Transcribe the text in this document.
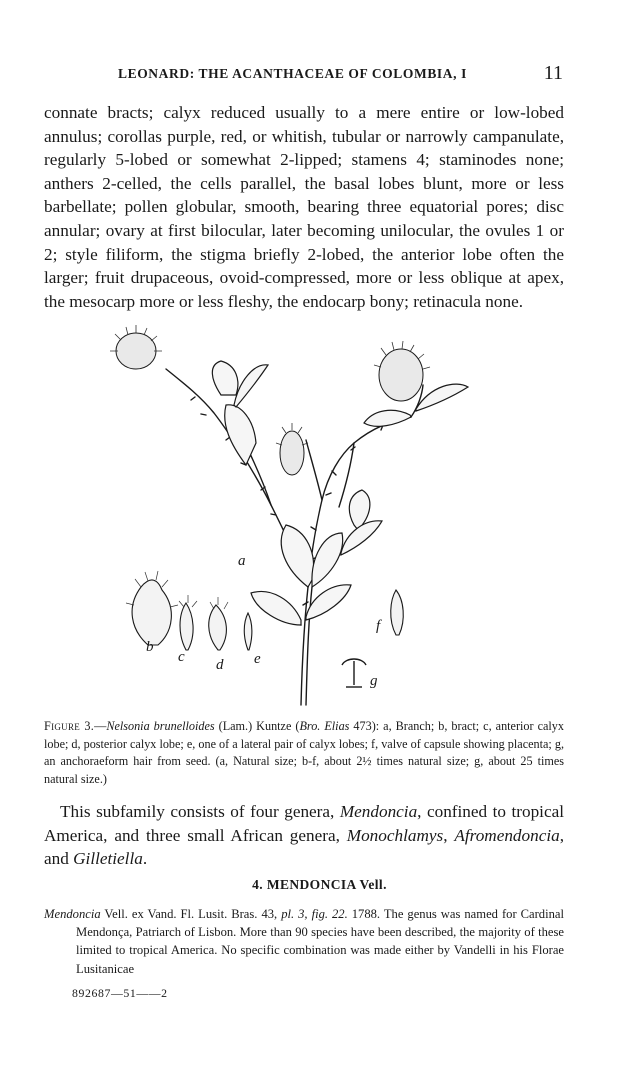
LEONARD: THE ACANTHACEAE OF COLOMBIA, I	11
connate bracts; calyx reduced usually to a mere entire or low-lobed annulus; corollas purple, red, or whitish, tubular or narrowly campanulate, regularly 5-lobed or somewhat 2-lipped; stamens 4; staminodes none; anthers 2-celled, the cells parallel, the basal lobes blunt, more or less barbellate; pollen globular, smooth, bearing three equatorial pores; disc annular; ovary at first bilocular, later becoming unilocular, the ovules 1 or 2; style filiform, the stigma briefly 2-lobed, the anterior lobe often the larger; fruit drupaceous, ovoid-compressed, more or less oblique at apex, the mesocarp more or less fleshy, the endocarp bony; retinacula none.
a
b
c d e
f
g
Figure 3.—Nelsonia brunelloides (Lam.) Kuntze (Bro. Elias 473): a, Branch; b, bract; c, anterior calyx lobe; d, posterior calyx lobe; e, one of a lateral pair of calyx lobes; f, valve of capsule showing placenta; g, an anchoraeform hair from seed. (a, Natural size; b-f, about 2½ times natural size; g, about 25 times natural size.)
This subfamily consists of four genera, Mendoncia, confined to tropical America, and three small African genera, Monochlamys, Afromendoncia, and Gilletiella.
4. MENDONCIA Vell.
Mendoncia Vell. ex Vand. Fl. Lusit. Bras. 43, pl. 3, fig. 22. 1788. The genus was named for Cardinal Mendonça, Patriarch of Lisbon. More than 90 species have been described, the majority of these limited to tropical America. No specific combination was made either by Vandelli in his Florae Lusitanicae
892687—51——2
